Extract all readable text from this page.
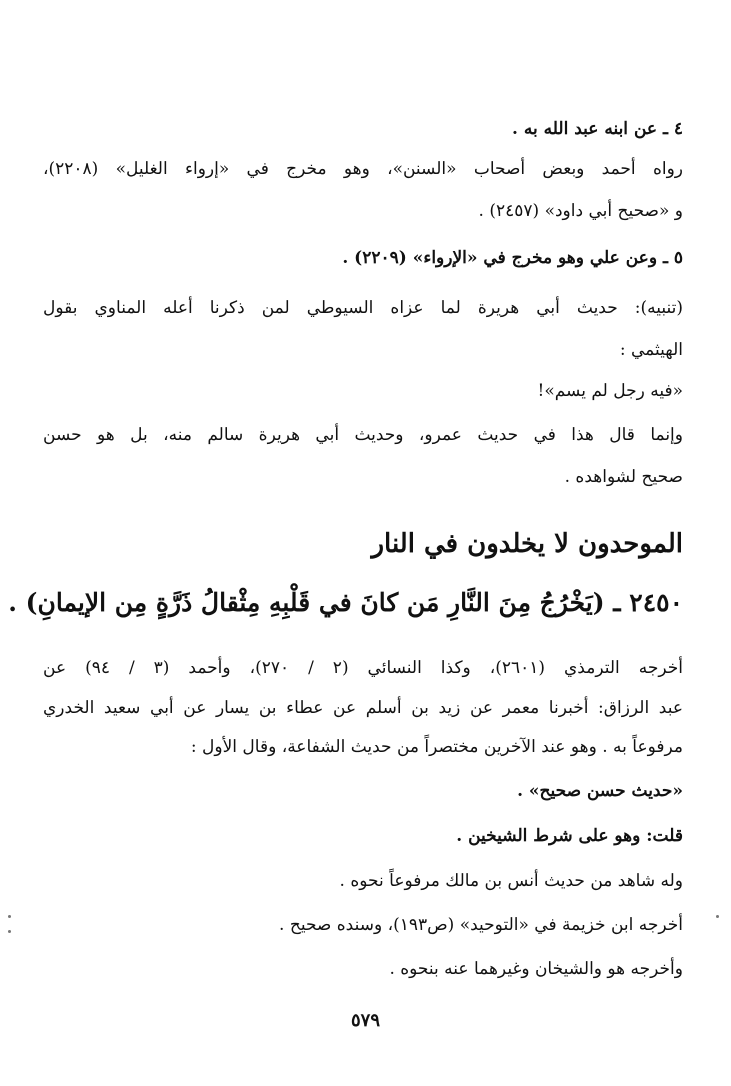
٤ ـ عن ابنه عبد الله به .
رواه أحمد وبعض أصحاب «السنن»، وهو مخرج في «إرواء الغليل» (٢٢٠٨)،
و «صحيح أبي داود» (٢٤٥٧) .
٥ ـ وعن علي وهو مخرج في «الإرواء» (٢٢٠٩) .
(تنبيه): حديث أبي هريرة لما عزاه السيوطي لمن ذكرنا أعله المناوي بقول
الهيثمي :
«فيه رجل لم يسم»!
وإنما قال هذا في حديث عمرو، وحديث أبي هريرة سالم منه، بل هو حسن
صحيح لشواهده .
الموحدون لا يخلدون في النار
٢٤٥٠ ـ (يَخْرُجُ مِنَ النَّارِ مَن كانَ في قَلْبِهِ مِثْقالُ ذَرَّةٍ مِن الإيمانِ) .
أخرجه الترمذي (٢٦٠١)، وكذا النسائي (٢ / ٢٧٠)، وأحمد (٣ / ٩٤) عن
عبد الرزاق: أخبرنا معمر عن زيد بن أسلم عن عطاء بن يسار عن أبي سعيد الخدري
مرفوعاً به . وهو عند الآخرين مختصراً من حديث الشفاعة، وقال الأول :
«حديث حسن صحيح» .
قلت: وهو على شرط الشيخين .
وله شاهد من حديث أنس بن مالك مرفوعاً نحوه .
أخرجه ابن خزيمة في «التوحيد» (ص١٩٣)، وسنده صحيح .
وأخرجه هو والشيخان وغيرهما عنه بنحوه .
٥٧٩
